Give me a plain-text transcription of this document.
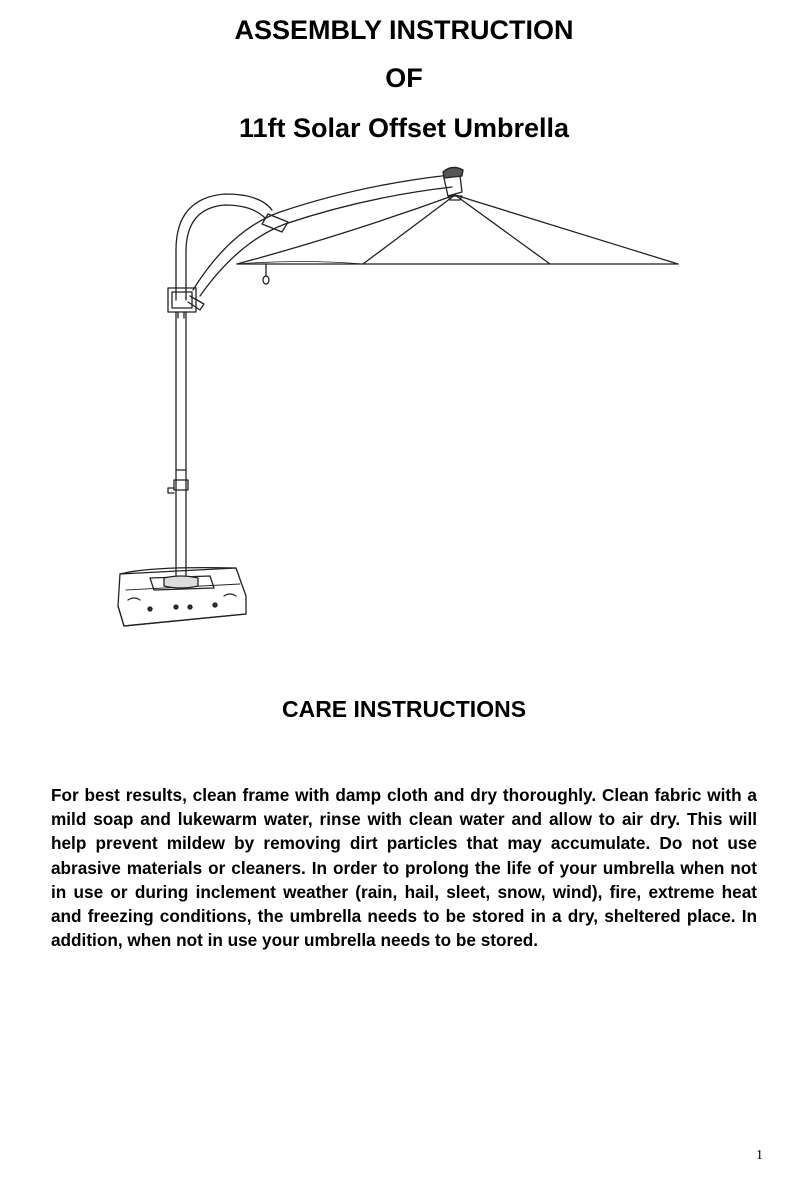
ASSEMBLY INSTRUCTION
OF
11ft Solar Offset Umbrella
CARE INSTRUCTIONS

For best results, clean frame with damp cloth and dry thoroughly. Clean fabric with a mild soap and lukewarm water, rinse with clean water and allow to air dry. This will help prevent mildew by removing dirt particles that may accumulate. Do not use abrasive materials or cleaners. In order to prolong the life of your umbrella when not in use or during inclement weather (rain, hail, sleet, snow, wind), fire, extreme heat and freezing conditions, the umbrella needs to be stored in a dry, sheltered place. In addition, when not in use your umbrella needs to be stored.

1
